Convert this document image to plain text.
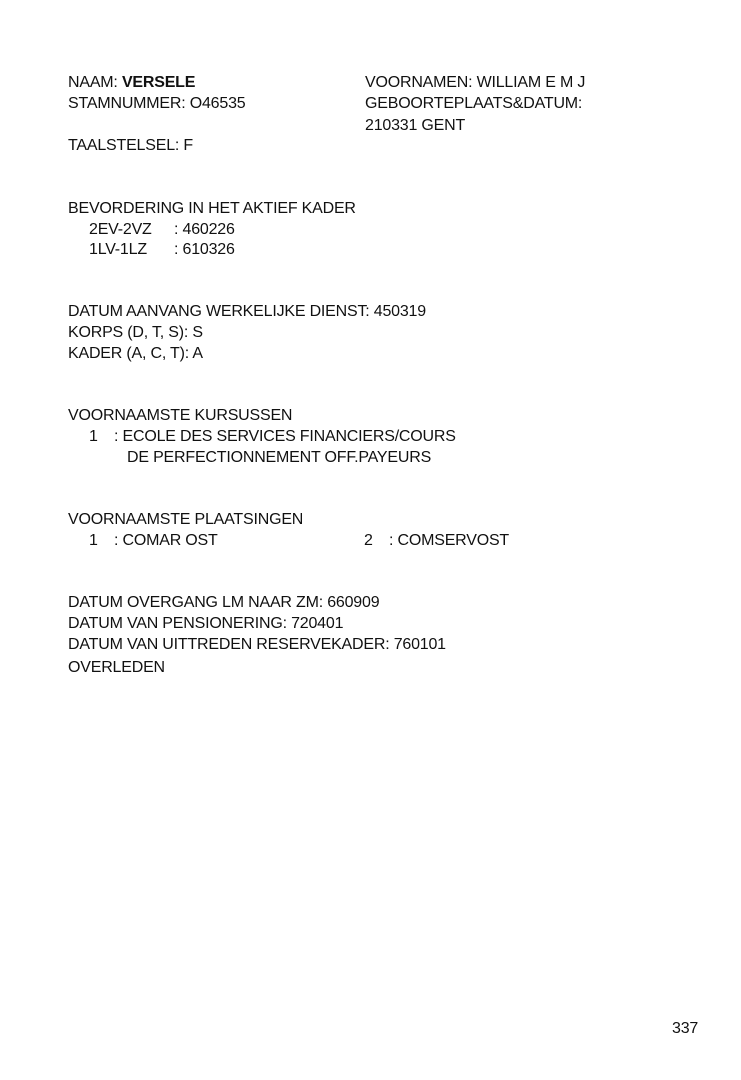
NAAM: VERSELE
STAMNUMMER: O46535
TAALSTELSEL: F
VOORNAMEN: WILLIAM E M J
GEBOORTEPLAATS&DATUM:
210331 GENT
BEVORDERING IN HET AKTIEF KADER
2EV-2VZ : 460226
1LV-1LZ : 610326
DATUM AANVANG WERKELIJKE DIENST: 450319
KORPS (D, T, S): S
KADER (A, C, T): A
VOORNAAMSTE KURSUSSEN
1 : ECOLE DES SERVICES FINANCIERS/COURS
DE PERFECTIONNEMENT OFF.PAYEURS
VOORNAAMSTE PLAATSINGEN
1 : COMAR OST	2 : COMSERVOST
DATUM OVERGANG LM NAAR ZM: 660909
DATUM VAN PENSIONERING: 720401
DATUM VAN UITTREDEN RESERVEKADER: 760101
OVERLEDEN
337
